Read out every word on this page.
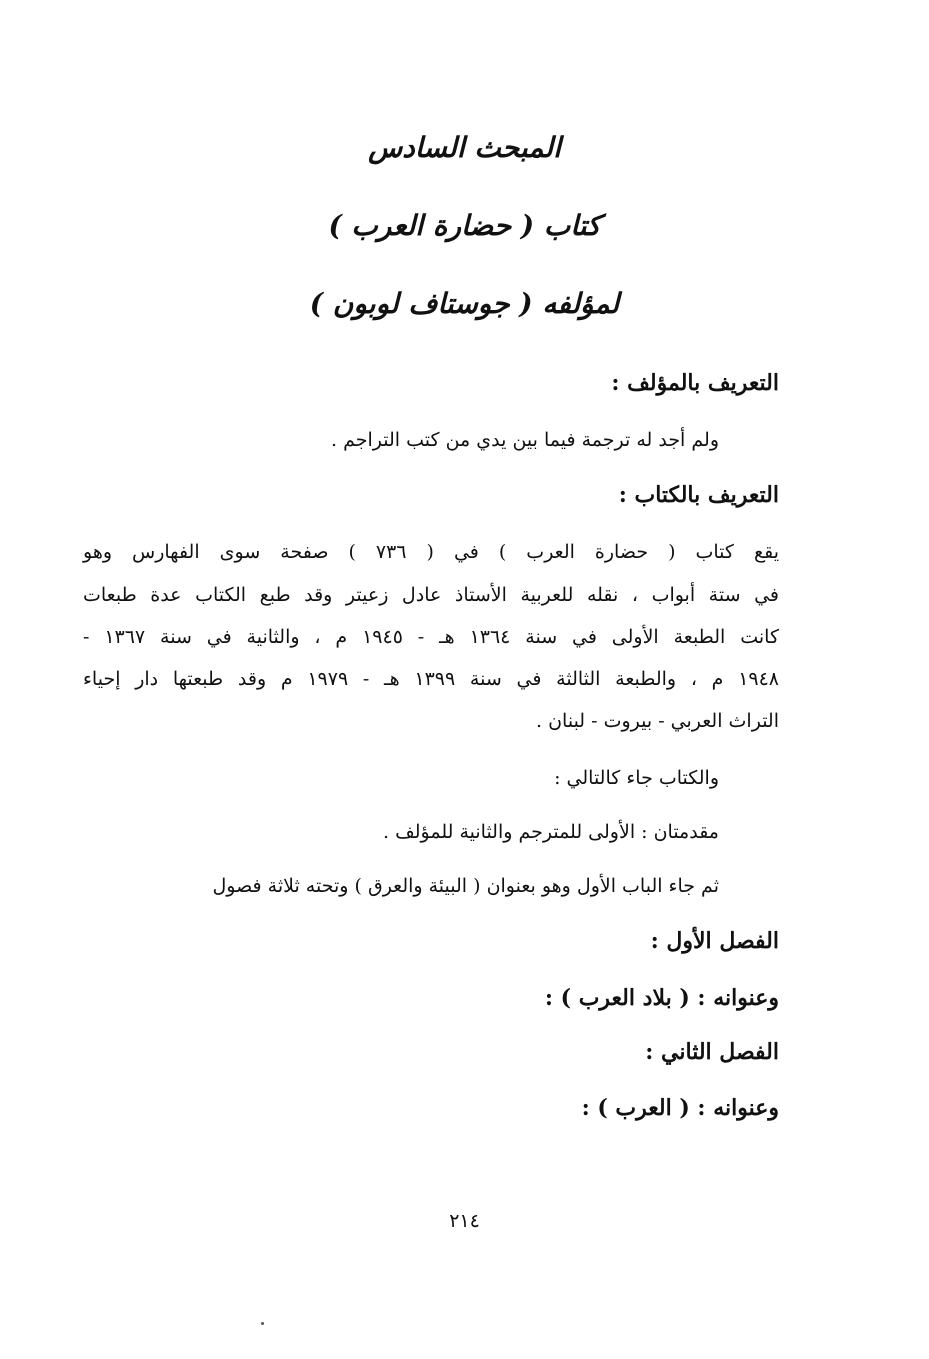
المبحث السادس
كتاب ( حضارة العرب )
لمؤلفه ( جوستاف لوبون )
التعريف بالمؤلف :
ولم أجد له ترجمة فيما بين يدي من كتب التراجم .
التعريف بالكتاب :
يقع كتاب ( حضارة العرب ) في ( ٧٣٦ ) صفحة سوى الفهارس وهو
في ستة أبواب ، نقله للعربية الأستاذ عادل زعيتر وقد طبع الكتاب عدة طبعات
كانت الطبعة الأولى في سنة ١٣٦٤ هـ - ١٩٤٥ م ، والثانية في سنة ١٣٦٧ -
١٩٤٨ م ، والطبعة الثالثة في سنة ١٣٩٩ هـ - ١٩٧٩ م وقد طبعتها دار إحياء
التراث العربي - بيروت - لبنان .
والكتاب جاء كالتالي :
مقدمتان : الأولى للمترجم والثانية للمؤلف .
ثم جاء الباب الأول وهو بعنوان ( البيئة والعرق ) وتحته ثلاثة فصول
الفصل الأول :
وعنوانه : ( بلاد العرب ) :
الفصل الثاني :
وعنوانه : ( العرب ) :
٢١٤
